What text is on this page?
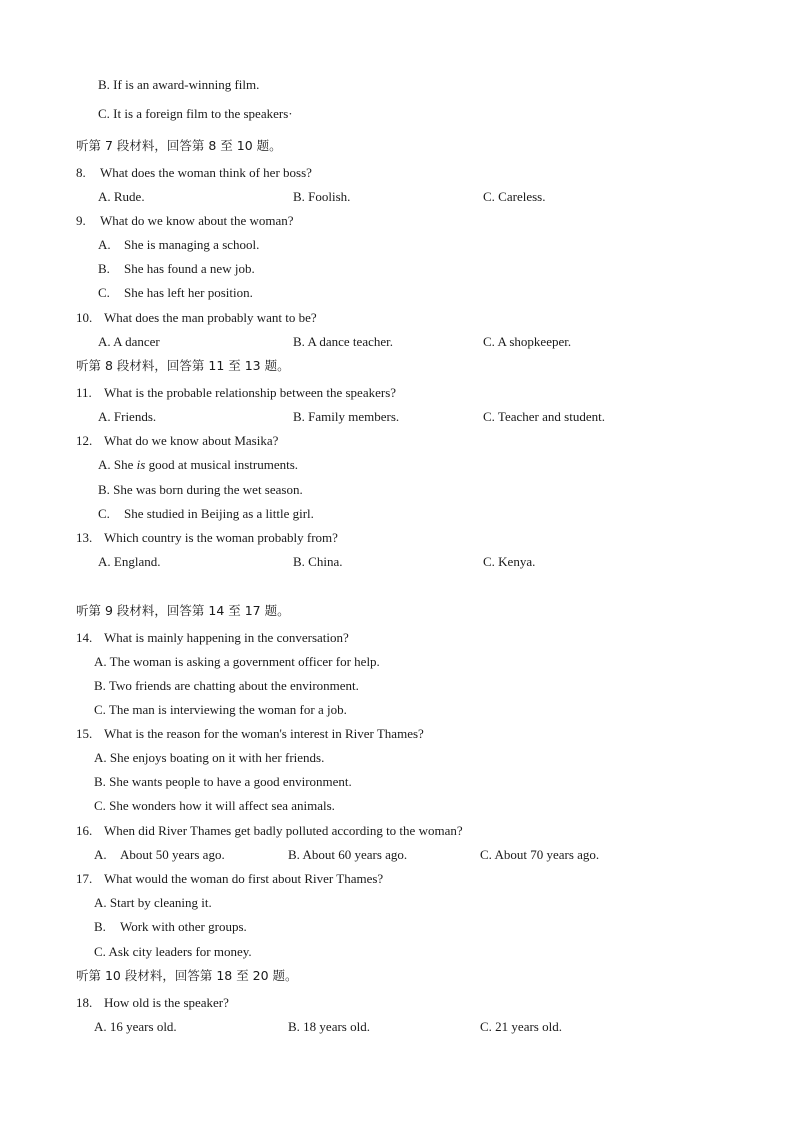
B. If is an award-winning film.
C. It is a foreign film to the speakers·
听第 7 段材料，回答第 8 至 10 题。
8. What does the woman think of her boss?
A. Rude.	B. Foolish.	C. Careless.
9. What do we know about the woman?
A. She is managing a school.
B. She has found a new job.
C. She has left her position.
10. What does the man probably want to be?
A. A dancer	B. A dance teacher.	C. A shopkeeper.
听第 8 段材料，回答第 11 至 13 题。
11. What is the probable relationship between the speakers?
A. Friends.	B. Family members.	C. Teacher and student.
12. What do we know about Masika?
A. She is good at musical instruments.
B. She was born during the wet season.
C. She studied in Beijing as a little girl.
13. Which country is the woman probably from?
A. England.	B. China.	C. Kenya.
听第 9 段材料，回答第 14 至 17 题。
14. What is mainly happening in the conversation?
A. The woman is asking a government officer for help.
B. Two friends are chatting about the environment.
C. The man is interviewing the woman for a job.
15. What is the reason for the woman's interest in River Thames?
A. She enjoys boating on it with her friends.
B. She wants people to have a good environment.
C. She wonders how it will affect sea animals.
16. When did River Thames get badly polluted according to the woman?
A. About 50 years ago.	B. About 60 years ago.	C. About 70 years ago.
17. What would the woman do first about River Thames?
A. Start by cleaning it.
B. Work with other groups.
C. Ask city leaders for money.
听第 10 段材料，回答第 18 至 20 题。
18. How old is the speaker?
A. 16 years old.	B. 18 years old.	C. 21 years old.
